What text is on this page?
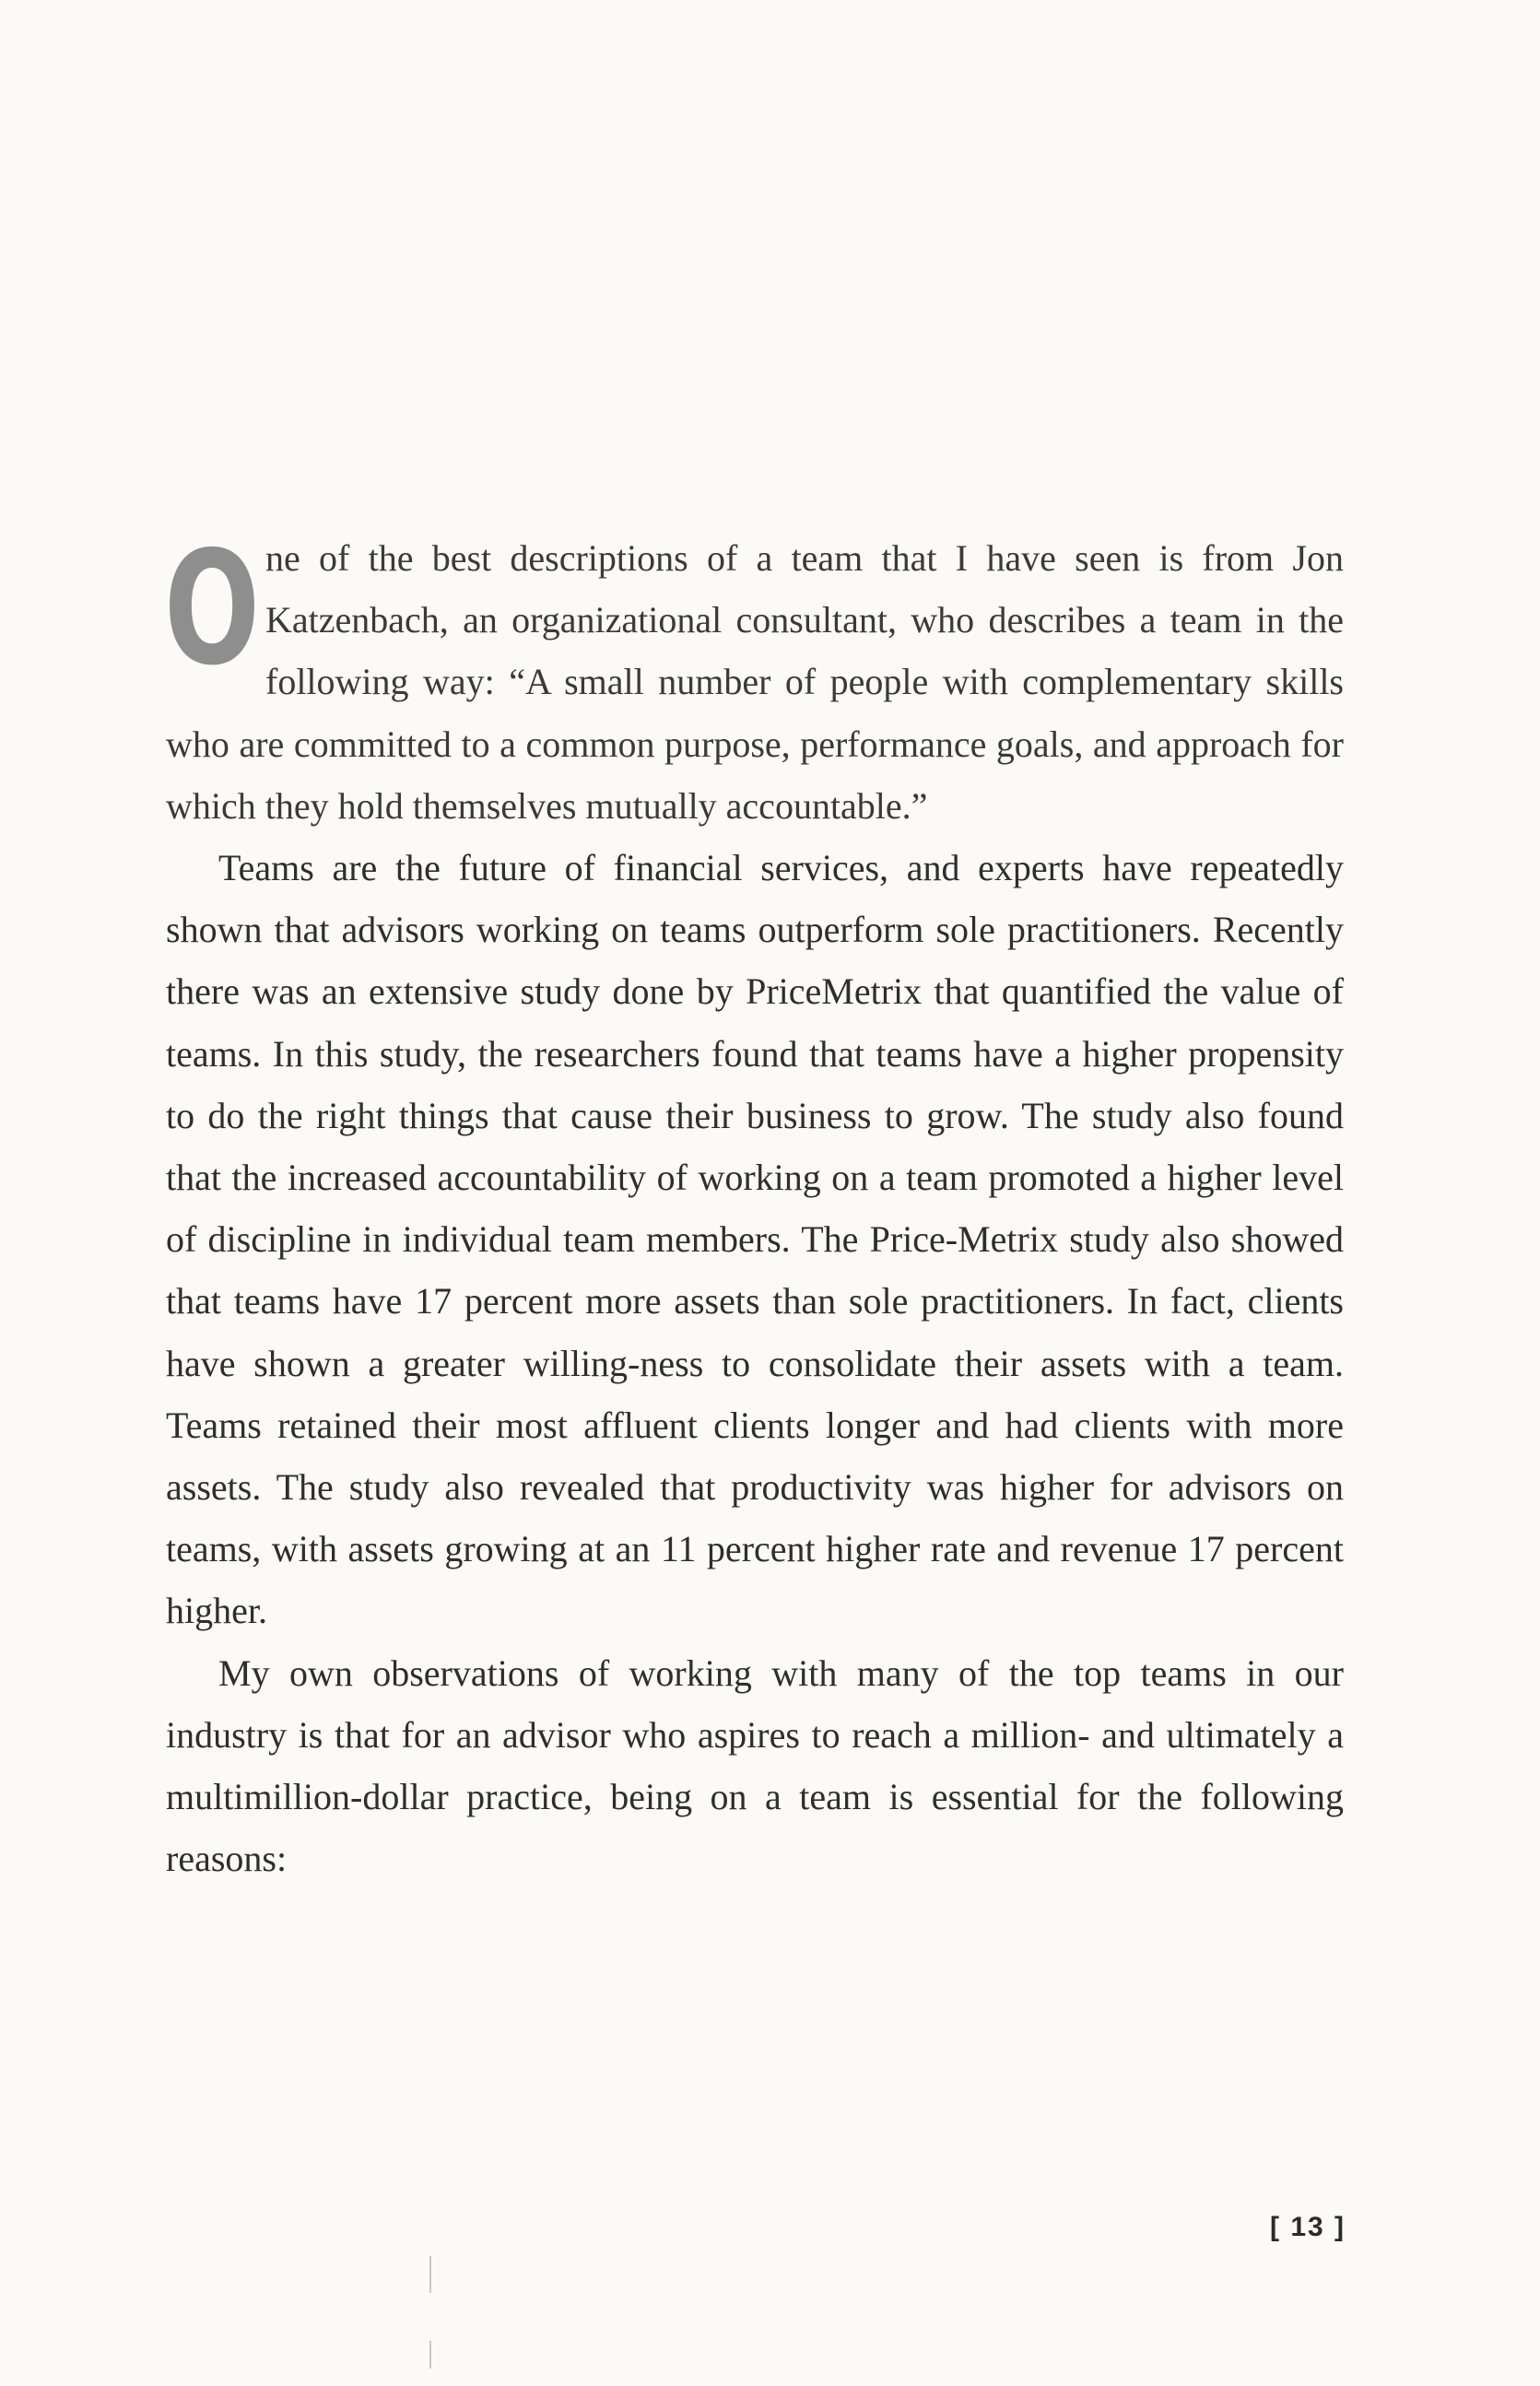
O ne of the best descriptions of a team that I have seen is from Jon Katzenbach, an organizational consultant, who describes a team in the following way: “A small number of people with complementary skills who are committed to a common purpose, performance goals, and approach for which they hold themselves mutually accountable.”

Teams are the future of financial services, and experts have repeatedly shown that advisors working on teams outperform sole practitioners. Recently there was an extensive study done by PriceMetrix that quantified the value of teams. In this study, the researchers found that teams have a higher propensity to do the right things that cause their business to grow. The study also found that the increased accountability of working on a team promoted a higher level of discipline in individual team members. The Price-Metrix study also showed that teams have 17 percent more assets than sole practitioners. In fact, clients have shown a greater willing-ness to consolidate their assets with a team. Teams retained their most affluent clients longer and had clients with more assets. The study also revealed that productivity was higher for advisors on teams, with assets growing at an 11 percent higher rate and revenue 17 percent higher.

My own observations of working with many of the top teams in our industry is that for an advisor who aspires to reach a million- and ultimately a multimillion-dollar practice, being on a team is essential for the following reasons:

[ 13 ]
